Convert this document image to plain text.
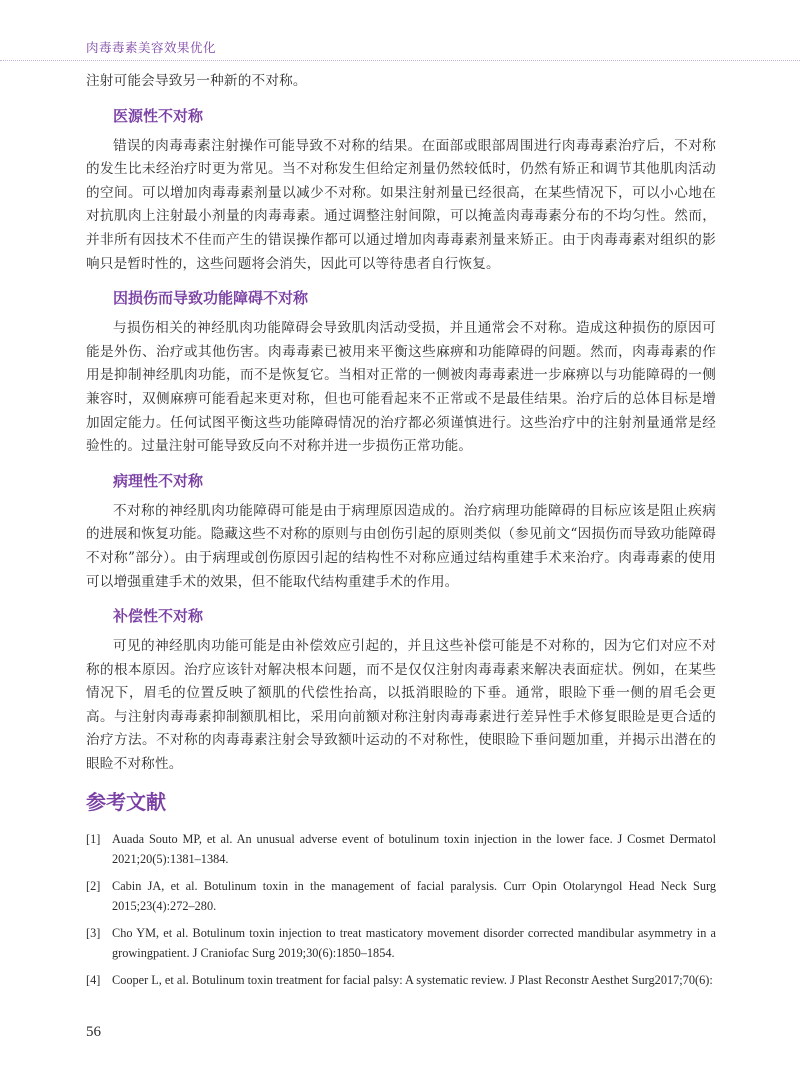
肉毒毒素美容效果优化

注射可能会导致另一种新的不对称。

医源性不对称

错误的肉毒毒素注射操作可能导致不对称的结果。在面部或眼部周围进行肉毒毒素治疗后，不对称的发生比未经治疗时更为常见。当不对称发生但给定剂量仍然较低时，仍然有矫正和调节其他肌肉活动的空间。可以增加肉毒毒素剂量以减少不对称。如果注射剂量已经很高，在某些情况下，可以小心地在对抗肌肉上注射最小剂量的肉毒毒素。通过调整注射间隙，可以掩盖肉毒毒素分布的不均匀性。然而，并非所有因技术不佳而产生的错误操作都可以通过增加肉毒毒素剂量来矫正。由于肉毒毒素对组织的影响只是暂时性的，这些问题将会消失，因此可以等待患者自行恢复。

因损伤而导致功能障碍不对称

与损伤相关的神经肌肉功能障碍会导致肌肉活动受损，并且通常会不对称。造成这种损伤的原因可能是外伤、治疗或其他伤害。肉毒毒素已被用来平衡这些麻痹和功能障碍的问题。然而，肉毒毒素的作用是抑制神经肌肉功能，而不是恢复它。当相对正常的一侧被肉毒毒素进一步麻痹以与功能障碍的一侧兼容时，双侧麻痹可能看起来更对称，但也可能看起来不正常或不是最佳结果。治疗后的总体目标是增加固定能力。任何试图平衡这些功能障碍情况的治疗都必须谨慎进行。这些治疗中的注射剂量通常是经验性的。过量注射可能导致反向不对称并进一步损伤正常功能。

病理性不对称

不对称的神经肌肉功能障碍可能是由于病理原因造成的。治疗病理功能障碍的目标应该是阻止疾病的进展和恢复功能。隐藏这些不对称的原则与由创伤引起的原则类似（参见前文“因损伤而导致功能障碍不对称”部分）。由于病理或创伤原因引起的结构性不对称应通过结构重建手术来治疗。肉毒毒素的使用可以增强重建手术的效果，但不能取代结构重建手术的作用。

补偿性不对称

可见的神经肌肉功能可能是由补偿效应引起的，并且这些补偿可能是不对称的，因为它们对应不对称的根本原因。治疗应该针对解决根本问题，而不是仅仅注射肉毒毒素来解决表面症状。例如，在某些情况下，眉毛的位置反映了额肌的代偿性抬高，以抵消眼睑的下垂。通常，眼睑下垂一侧的眉毛会更高。与注射肉毒毒素抑制额肌相比，采用向前额对称注射肉毒毒素进行差异性手术修复眼睑是更合适的治疗方法。不对称的肉毒毒素注射会导致额叶运动的不对称性，使眼睑下垂问题加重，并揭示出潜在的眼睑不对称性。

参考文献
[1] Auada Souto MP, et al. An unusual adverse event of botulinum toxin injection in the lower face. J Cosmet Dermatol 2021;20(5):1381–1384.
[2] Cabin JA, et al. Botulinum toxin in the management of facial paralysis. Curr Opin Otolaryngol Head Neck Surg 2015;23(4):272–280.
[3] Cho YM, et al. Botulinum toxin injection to treat masticatory movement disorder corrected mandibular asymmetry in a growingpatient. J Craniofac Surg 2019;30(6):1850–1854.
[4] Cooper L, et al. Botulinum toxin treatment for facial palsy: A systematic review. J Plast Reconstr Aesthet Surg2017;70(6):
56
